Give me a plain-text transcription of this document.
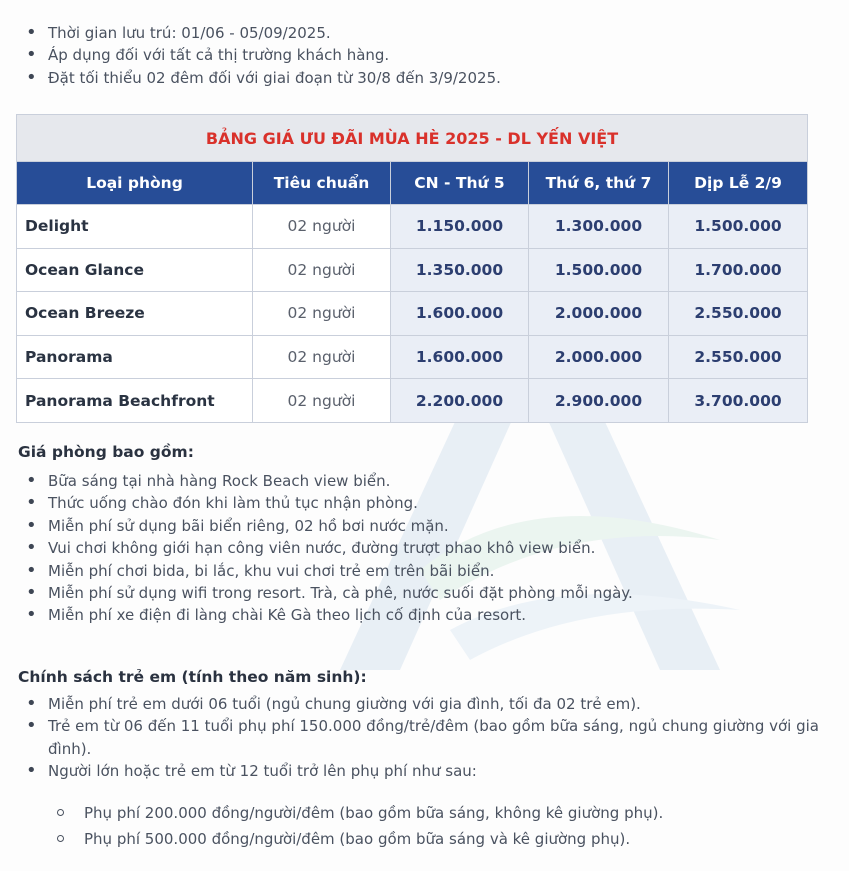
• Thời gian lưu trú: 01/06 - 05/09/2025.
• Áp dụng đối với tất cả thị trường khách hàng.
• Đặt tối thiểu 02 đêm đối với giai đoạn từ 30/8 đến 3/9/2025.
BẢNG GIÁ ƯU ĐÃI MÙA HÈ 2025 - DL YẾN VIỆT				
Loại phòng	Tiêu chuẩn	CN - Thứ 5	Thứ 6, thứ 7	Dịp Lễ 2/9
Delight	02 người	1.150.000	1.300.000	1.500.000
Ocean Glance	02 người	1.350.000	1.500.000	1.700.000
Ocean Breeze	02 người	1.600.000	2.000.000	2.550.000
Panorama	02 người	1.600.000	2.000.000	2.550.000
Panorama Beachfront	02 người	2.200.000	2.900.000	3.700.000
Giá phòng bao gồm:
• Bữa sáng tại nhà hàng Rock Beach view biển.
• Thức uống chào đón khi làm thủ tục nhận phòng.
• Miễn phí sử dụng bãi biển riêng, 02 hồ bơi nước mặn.
• Vui chơi không giới hạn công viên nước, đường trượt phao khô view biển.
• Miễn phí chơi bida, bi lắc, khu vui chơi trẻ em trên bãi biển.
• Miễn phí sử dụng wifi trong resort. Trà, cà phê, nước suối đặt phòng mỗi ngày.
• Miễn phí xe điện đi làng chài Kê Gà theo lịch cố định của resort.
Chính sách trẻ em (tính theo năm sinh):
• Miễn phí trẻ em dưới 06 tuổi (ngủ chung giường với gia đình, tối đa 02 trẻ em).
• Trẻ em từ 06 đến 11 tuổi phụ phí 150.000 đồng/trẻ/đêm (bao gồm bữa sáng, ngủ chung giường với gia đình).
• Người lớn hoặc trẻ em từ 12 tuổi trở lên phụ phí như sau:
Phụ phí 200.000 đồng/người/đêm (bao gồm bữa sáng, không kê giường phụ).
Phụ phí 500.000 đồng/người/đêm (bao gồm bữa sáng và kê giường phụ).
